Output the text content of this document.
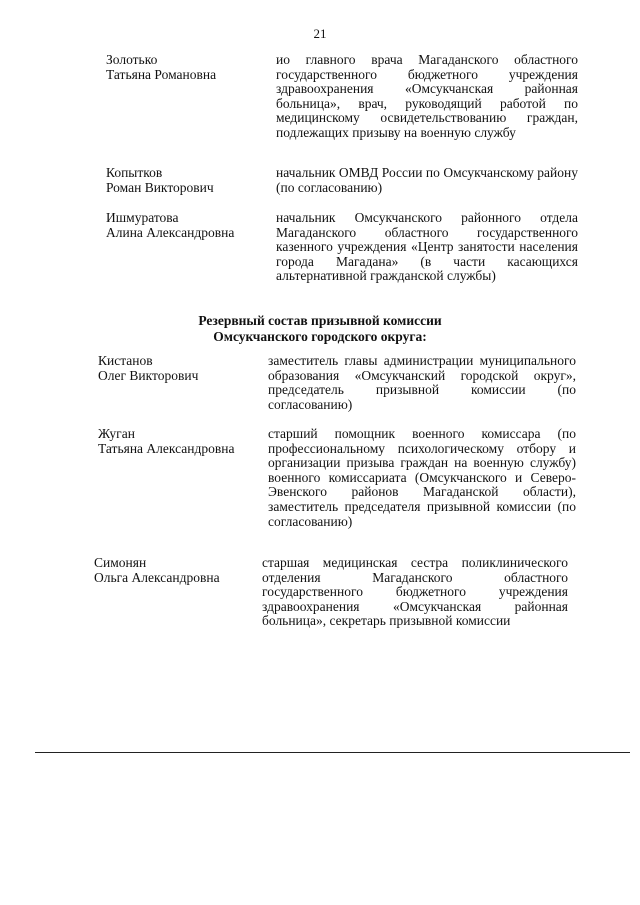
21
Золотько
Татьяна Романовна
ио главного врача Магаданского областного государственного бюджетного учреждения здравоохранения «Омсукчанская районная больница», врач, руководящий работой по медицинскому освидетельствованию граждан, подлежащих призыву на военную службу
Копытков
Роман Викторович
начальник ОМВД России по Омсукчанскому району (по согласованию)
Ишмуратова
Алина Александровна
начальник Омсукчанского районного отдела Магаданского областного государственного казенного учреждения «Центр занятости населения города Магадана» (в части касающихся альтернативной гражданской службы)
Резервный состав призывной комиссии
Омсукчанского городского округа:
Кистанов
Олег Викторович
заместитель главы администрации муниципального образования «Омсукчанский городской округ», председатель призывной комиссии (по согласованию)
Жуган
Татьяна Александровна
старший помощник военного комиссара (по профессиональному психологическому отбору и организации призыва граждан на военную службу) военного комиссариата (Омсукчанского и Северо-Эвенского районов Магаданской области), заместитель председателя призывной комиссии (по согласованию)
Симонян
Ольга Александровна
старшая медицинская сестра поликлинического отделения Магаданского областного государственного бюджетного учреждения здравоохранения «Омсукчанская районная больница», секретарь призывной комиссии
